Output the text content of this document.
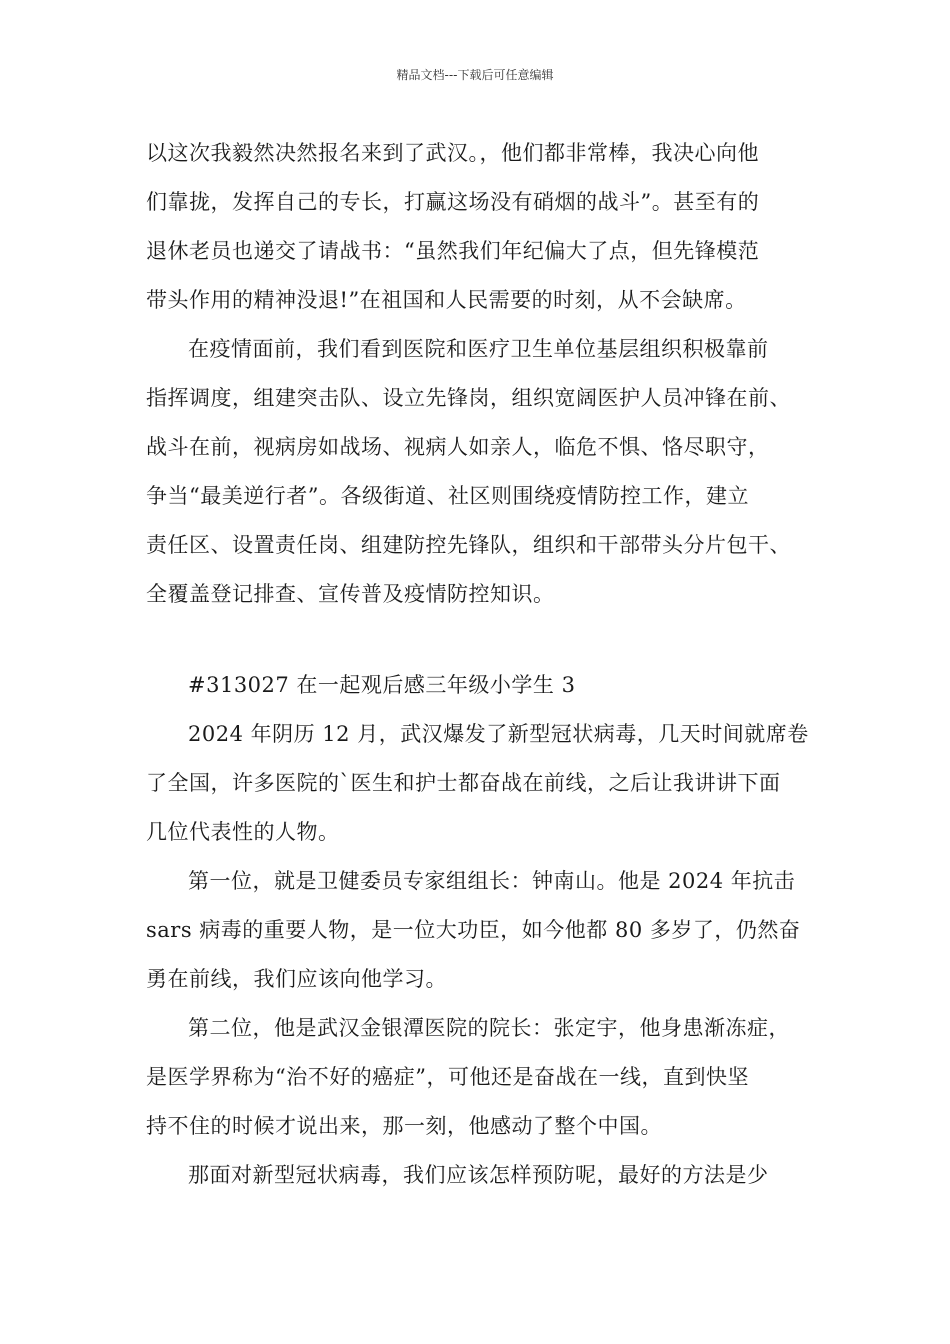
精品文档---下载后可任意编辑
以这次我毅然决然报名来到了武汉。，他们都非常棒，我决心向他
们靠拢，发挥自己的专长，打赢这场没有硝烟的战斗”。甚至有的
退休老员也递交了请战书：“虽然我们年纪偏大了点，但先锋模范
带头作用的精神没退!”在祖国和人民需要的时刻，从不会缺席。
在疫情面前，我们看到医院和医疗卫生单位基层组织积极靠前
指挥调度，组建突击队、设立先锋岗，组织宽阔医护人员冲锋在前、
战斗在前，视病房如战场、视病人如亲人，临危不惧、恪尽职守，
争当“最美逆行者”。各级街道、社区则围绕疫情防控工作，建立
责任区、设置责任岗、组建防控先锋队，组织和干部带头分片包干、
全覆盖登记排查、宣传普及疫情防控知识。
#313027 在一起观后感三年级小学生 3
2024 年阴历 12 月，武汉爆发了新型冠状病毒，几天时间就席卷
了全国，许多医院的`医生和护士都奋战在前线，之后让我讲讲下面
几位代表性的人物。
第一位，就是卫健委员专家组组长：钟南山。他是 2024 年抗击
sars 病毒的重要人物，是一位大功臣，如今他都 80 多岁了，仍然奋
勇在前线，我们应该向他学习。
第二位，他是武汉金银潭医院的院长：张定宇，他身患渐冻症，
是医学界称为“治不好的癌症”，可他还是奋战在一线，直到快坚
持不住的时候才说出来，那一刻，他感动了整个中国。
那面对新型冠状病毒，我们应该怎样预防呢，最好的方法是少
